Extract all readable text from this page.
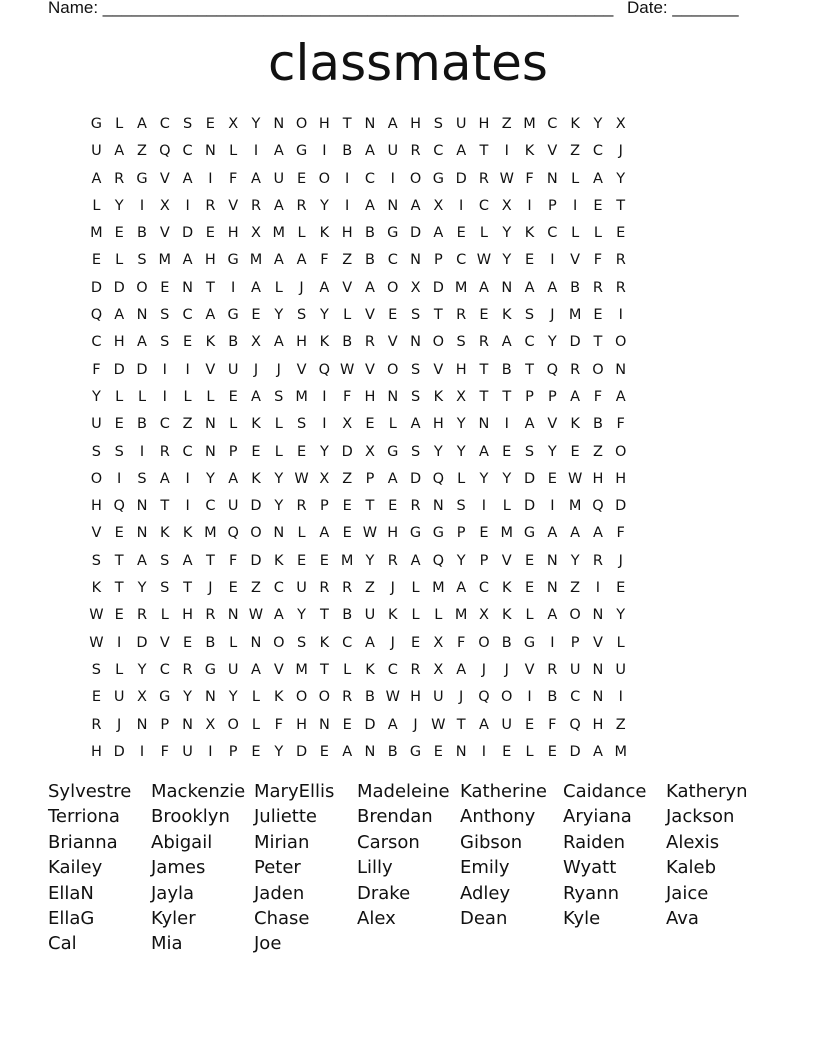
Name: ______________________________________________________ Date: _______
classmates
G L A C S E X Y N O H T N A H S U H Z M C K Y X
U A Z Q C N L	I	A G	I	B A U R C A T	I	K V Z C	J
A R G V A	I	F A U E O	I	C	I	O G D R W F N L A Y
L Y	I	X	I	R V R A R Y	I	A N A X	I	C X	I	P	I	E T
M E B V D E H X M L K H B G D A E L Y K C L	L E
E L S M A H G M A A F Z B C N P C W Y E	I	V F R
D D O E N T	I	A L	J	A V A O X D M A N A A B R R
Q A N S C A G E Y S Y L V E S T R E K S	J M E	I
C H A S E K B X A H K B R V N O S R A C Y D T O
F D D	I	I	V U	J	J	V Q W V O S V H T B T Q R O N
Y L	L	I	L	L E A S M I	F H N S K X T T P P A F A
U E B C Z N L K L S	I	X E L A H Y N	I	A V K B F
S S	I	R C N P E L E Y D X G S Y Y A E S Y E Z O
O	I	S A	I	Y A K Y W X Z P A D Q L Y Y D E W H H
H Q N T	I	C U D Y R P E T E R N S	I	L D	I M Q D
V E N K K M Q O N L A E W H G G P E M G A A A F
S T A S A T F D K E E M Y R A Q Y P V E N Y R	J
K T Y S T	J	E Z C U R R Z	J	L M A C K E N Z	I	E
W E R L H R N W A Y T B U K L	L M X K L A O N Y
W I	D V E B L N O S K C A	J	E X F O B G	I	P V L
S L Y C R G U A V M T L K C R X A	J	J	V R U N U
E U X G Y N Y L K O O R B W H U	J	Q O	I	B C N	I
R	J	N P N X O L	F H N E D A	J W T A U E F Q H Z
H D	I	F U	I	P E Y D E A N B G E N	I	E L E D A M
Sylvestre	Mackenzie MaryEllis	Madeleine Katherine Caidance	Katheryn
Terriona	Brooklyn	Juliette	Brendan	Anthony	Aryiana	Jackson
Brianna	Abigail	Mirian	Carson	Gibson	Raiden	Alexis
Kailey	James	Peter	Lilly	Emily	Wyatt	Kaleb
EllaN	Jayla	Jaden	Drake	Adley	Ryann	Jaice
EllaG	Kyler	Chase	Alex	Dean	Kyle	Ava
Cal	Mia	Joe
